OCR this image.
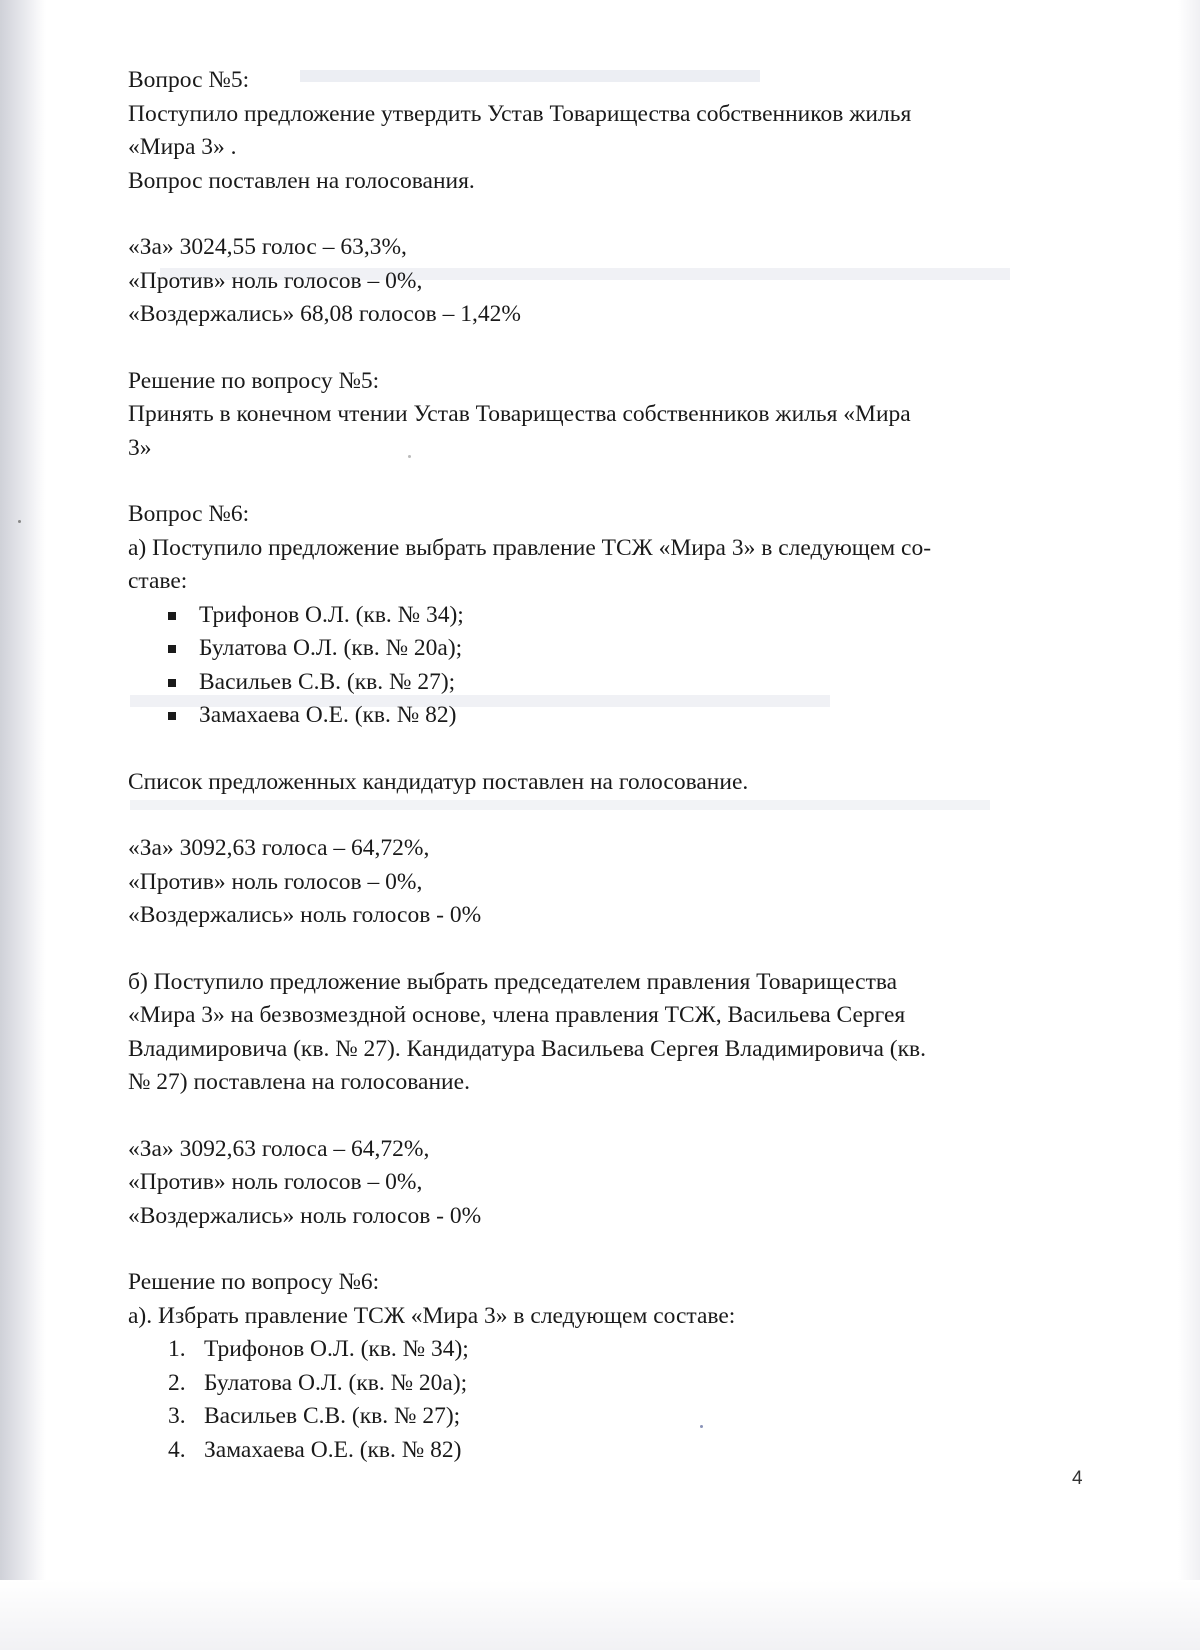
Вопрос №5:
Поступило предложение утвердить Устав Товарищества собственников жилья
«Мира 3» .
Вопрос поставлен на голосования.
«За» 3024,55 голос – 63,3%,
«Против» ноль голосов – 0%,
«Воздержались» 68,08 голосов – 1,42%
Решение по вопросу №5:
Принять в конечном чтении Устав Товарищества собственников жилья «Мира
3»
Вопрос №6:
а) Поступило предложение выбрать правление ТСЖ «Мира 3» в следующем со-
ставе:
Трифонов О.Л. (кв. № 34);
Булатова О.Л. (кв. № 20а);
Васильев С.В. (кв. № 27);
Замахаева О.Е. (кв. № 82)
Список предложенных кандидатур поставлен на голосование.
«За» 3092,63 голоса – 64,72%,
«Против» ноль голосов – 0%,
«Воздержались» ноль голосов - 0%
б) Поступило предложение выбрать председателем правления Товарищества
«Мира 3» на безвозмездной основе, члена правления ТСЖ, Васильева Сергея
Владимировича (кв. № 27). Кандидатура Васильева Сергея Владимировича (кв.
№ 27) поставлена на голосование.
«За» 3092,63 голоса – 64,72%,
«Против» ноль голосов – 0%,
«Воздержались» ноль голосов - 0%
Решение по вопросу №6:
а). Избрать правление ТСЖ «Мира 3» в следующем составе:
1. Трифонов О.Л. (кв. № 34);
2. Булатова О.Л. (кв. № 20а);
3. Васильев С.В. (кв. № 27);
4. Замахаева О.Е. (кв. № 82)
4
